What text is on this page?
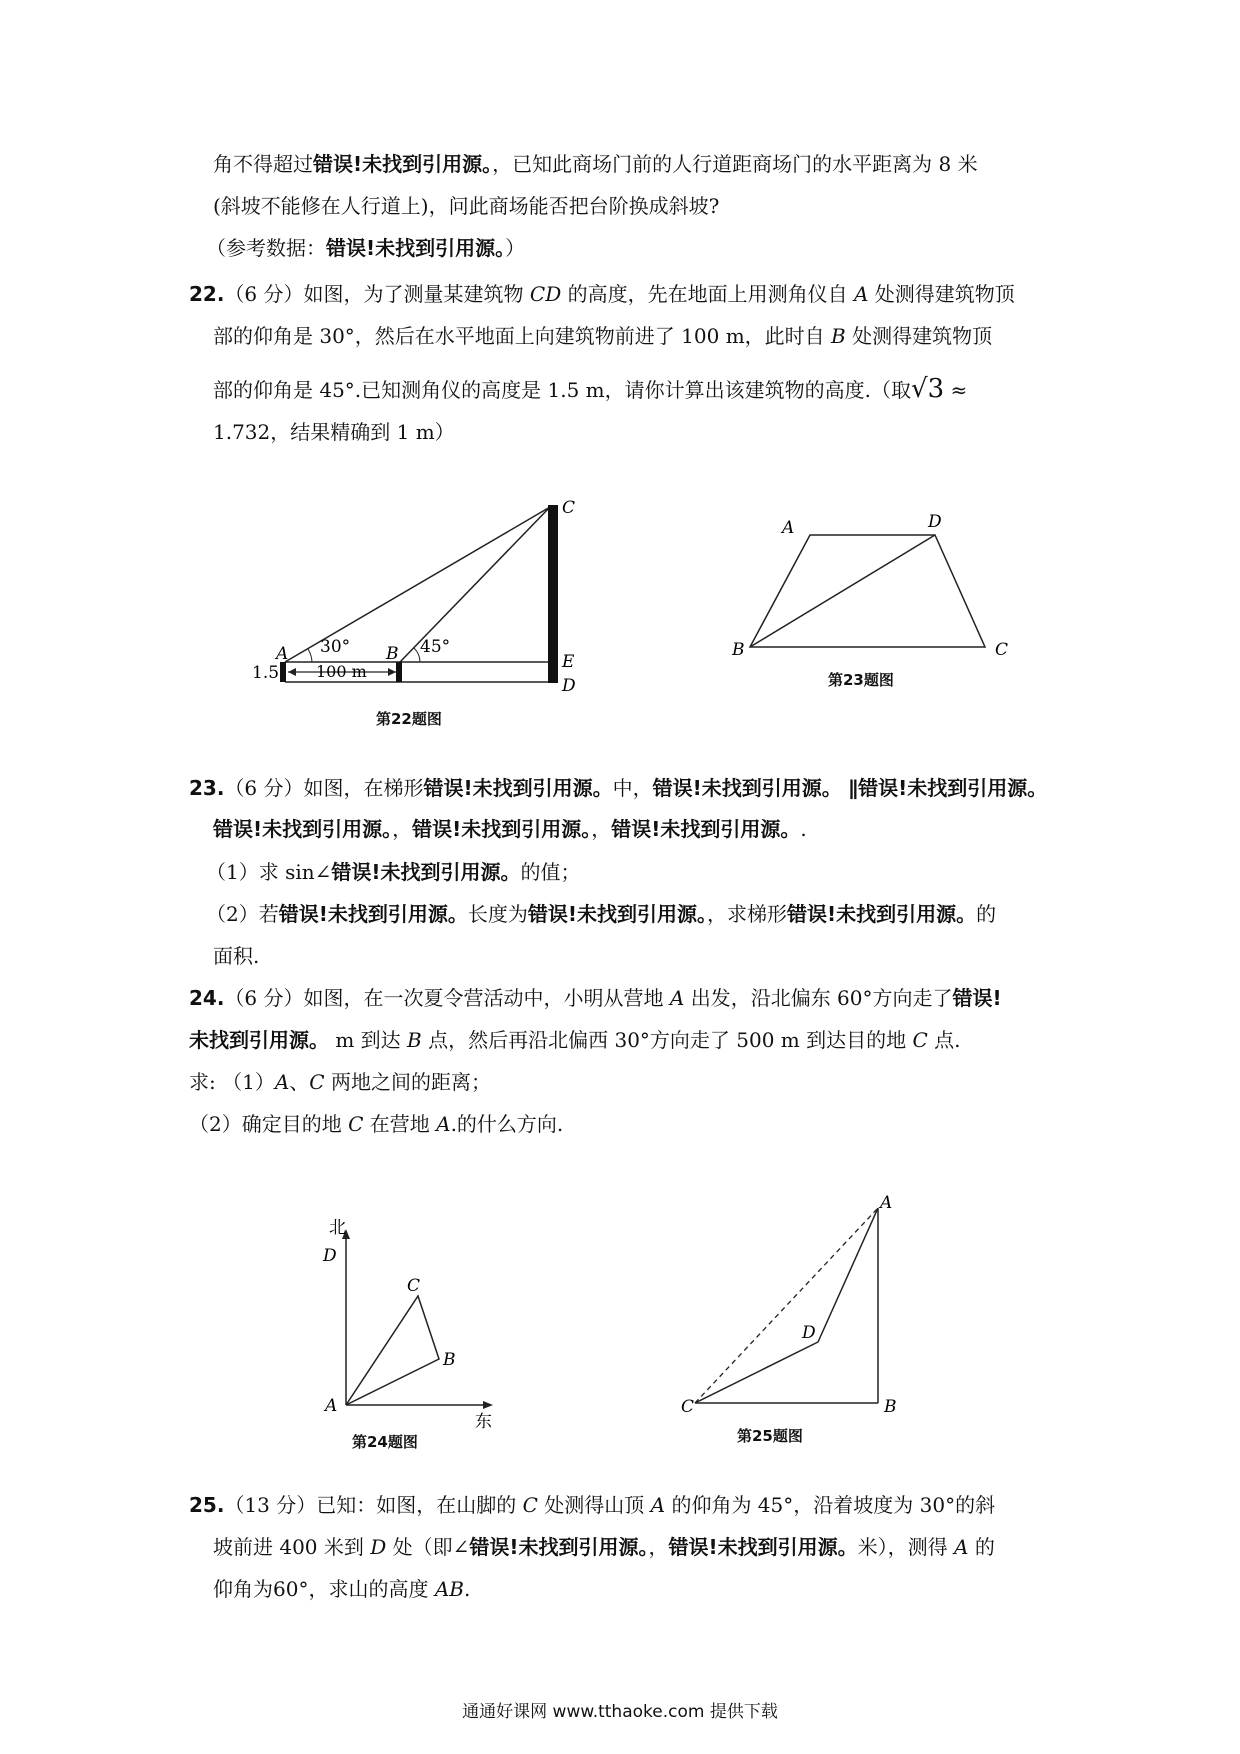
角不得超过错误!未找到引用源。，已知此商场门前的人行道距商场门的水平距离为 8 米
(斜坡不能修在人行道上)，问此商场能否把台阶换成斜坡?
（参考数据：错误!未找到引用源。）
22.（6 分）如图，为了测量某建筑物 CD 的高度，先在地面上用测角仪自 A 处测得建筑物顶
部的仰角是 30°，然后在水平地面上向建筑物前进了 100 m，此时自 B 处测得建筑物顶
部的仰角是 45°.已知测角仪的高度是 1.5 m，请你计算出该建筑物的高度.（取√3 ≈
1.732，结果精确到 1 m）
C
E
D
A	B
30°	45°
1.5 100 m
第22题图
A	D
B	C
第23题图
23.（6 分）如图，在梯形错误!未找到引用源。中，错误!未找到引用源。 ∥错误!未找到引用源。
错误!未找到引用源。，错误!未找到引用源。，错误!未找到引用源。.
（1）求 sin∠错误!未找到引用源。的值；
（2）若错误!未找到引用源。长度为错误!未找到引用源。，求梯形错误!未找到引用源。的
面积.
24.（6 分）如图，在一次夏令营活动中，小明从营地 A 出发，沿北偏东 60°方向走了错误!
未找到引用源。 m 到达 B 点，然后再沿北偏西 30°方向走了 500 m 到达目的地 C 点.
求: （1）A、C 两地之间的距离；
（2）确定目的地 C 在营地 A.的什么方向.
北
东
D
C
B
A
第24题图
A
D
C	B
第25题图
25.（13 分）已知：如图，在山脚的 C 处测得山顶 A 的仰角为 45°，沿着坡度为 30°的斜
坡前进 400 米到 D 处（即∠错误!未找到引用源。，错误!未找到引用源。米），测得 A 的
仰角为60°，求山的高度 AB.
通通好课网 www.tthaoke.com 提供下载
